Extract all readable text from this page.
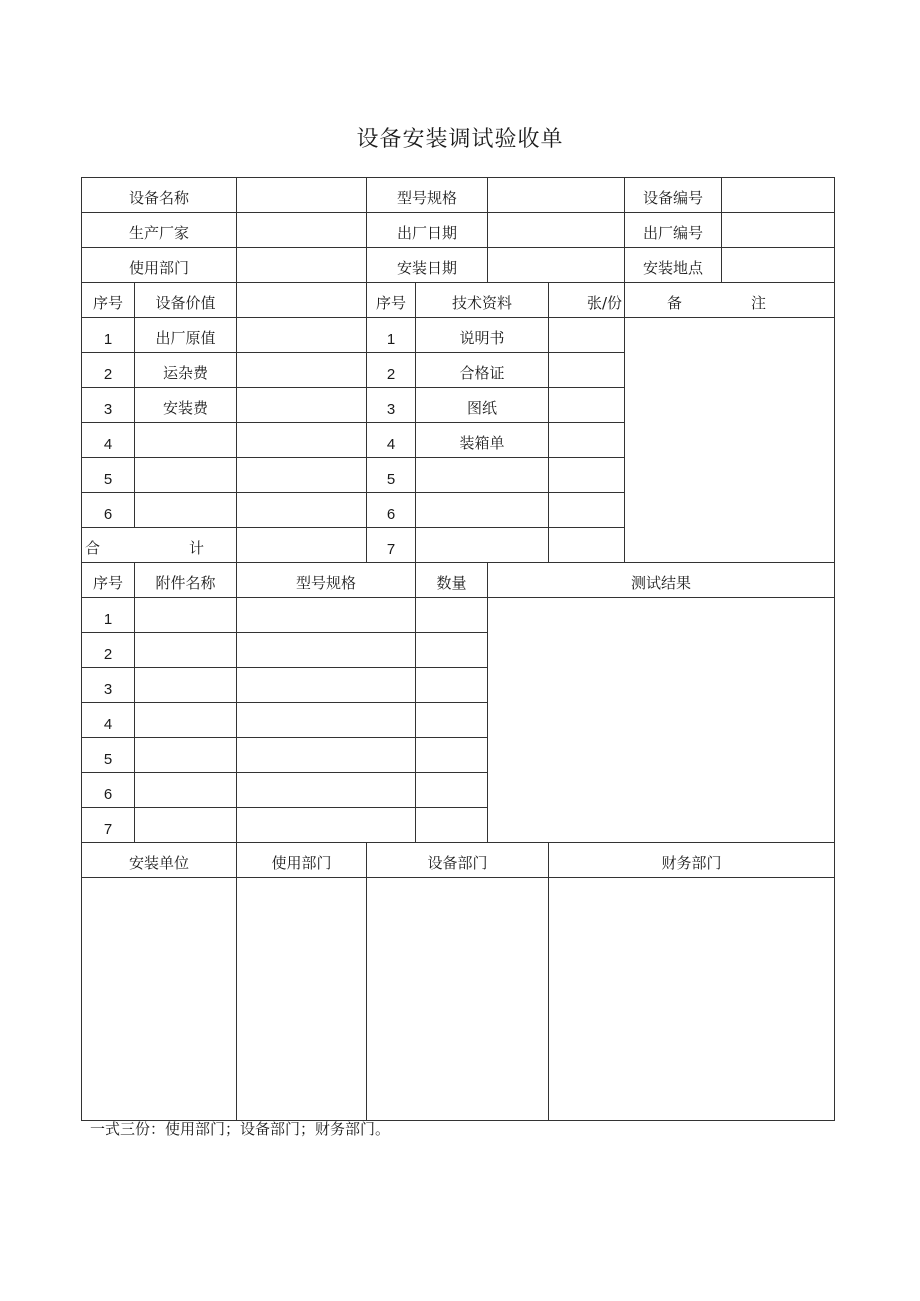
设备安装调试验收单
设备名称			型号规格				设备编号	
生产厂家			出厂日期				出厂编号	
使用部门			安装日期				安装地点	
序号	设备价值		序号	技术资料		张/份	备 注	

1	出厂原值		1	说明书				
2	运杂费		2	合格证				
3	安装费		3	图纸				
4			4	装箱单				
5			5					
6			6					

合 计			7					
序号	附件名称	型号规格		数量	测试结果			
1								
2								
3								
4								
5								
6								
7								
安装单位		使用部门	设备部门			财务部门		

一式三份：使用部门；设备部门；财务部门。
